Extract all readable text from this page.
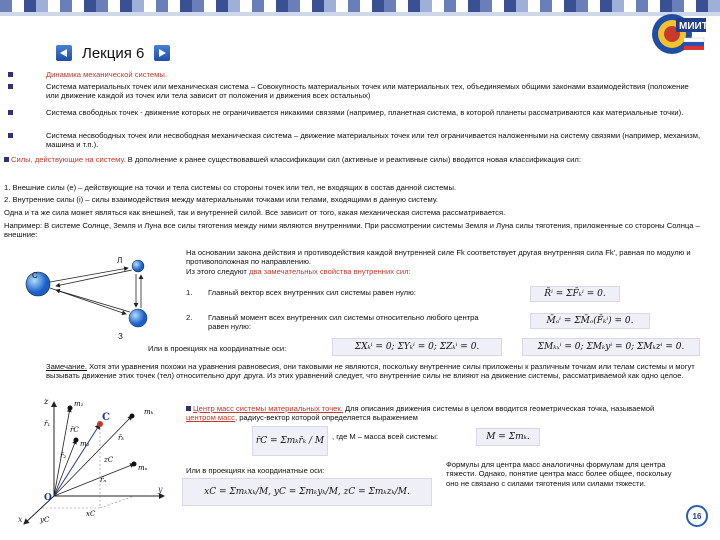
Лекция 6
МИИТ
Динамика механической системы.
Система материальных точек или механическая система – Совокупность материальных точек или материальных тех, объединяемых общими законами взаимодействия (положение или движение каждой из точек или тела зависит от положения и движения всех остальных)
Система свободных точек - движение которых не ограничивается никакими связями (например, планетная система, в которой планеты рассматриваются как материальные точки).
Система несвободных точек или несвободная механическая система – движение материальных точек или тел ограничивается наложенными на систему связями (например, механизм, машина и т.п.).
Силы, действующие на систему. В дополнение к ранее существовавшей классификации сил (активные и реактивные силы) вводится новая классификация сил:
1. Внешние силы (e) – действующие на точки и тела системы со стороны точек или тел, не входящих в состав данной системы.
2. Внутренние силы (i) – силы взаимодействия между материальными точками или телами, входящими в данную систему.
Одна и та же сила может являться как внешней, так и внутренней силой. Все зависит от того, какая механическая система рассматривается.
Например: В системе Солнце, Земля и Луна все силы тяготения между ними являются внутренними. При рассмотрении системы Земля и Луна силы тяготения, приложенные со стороны Солнца – внешние:
С
Л
З
На основании закона действия и противодействия каждой внутренней силе Fk соответствует другая внутренняя сила Fk', равная по модулю и противоположная по направлению.
Из этого следуют два замечательных свойства внутренних сил:
1. Главный вектор всех внутренних сил системы равен нулю:	R̄ⁱ = ΣF̄ₖⁱ = 0.
2. Главный момент всех внутренних сил системы относительно любого центра равен нулю:
M̄ₒⁱ = ΣM̄ₒ(F̄ₖⁱ) = 0.
Или в проекциях на координатные оси:	ΣXₖⁱ = 0; ΣYₖⁱ = 0; ΣZₖⁱ = 0.	ΣMₖₓⁱ = 0; ΣMₖyⁱ = 0; ΣMₖzⁱ = 0.
Замечание. Хотя эти уравнения похожи на уравнения равновесия, они таковыми не являются, поскольку внутренние силы приложены к различным точкам или телам системы и могут вызывать движение этих точек (тел) относительно друг друга. Из этих уравнений следует, что внутренние силы не влияют на движение системы, рассматриваемой как одно целое.
m₁
mₖ
C
r̄₁
r̄ₖ
r̄C
m₂
r̄₂	zC
mₙ
z
r̄ₙ
O
yC
y
xC
x
Центр масс системы материальных точек. Для описания движения системы в целом вводится геометрическая точка, называемой центром масс, радиус-вектор которой определяется выражением
r̄C = Σmₖr̄ₖ / M	, где M – масса всей системы:	M = Σmₖ.
Или в проекциях на координатные оси:
xC = Σmₖxₖ/M, yC = Σmₖyₖ/M, zC = Σmₖzₖ/M.
Формулы для центра масс аналогичны формулам для центра тяжести. Однако, понятие центра масс более общее, поскольку оно не связано с силами тяготения или силами тяжести.
16
